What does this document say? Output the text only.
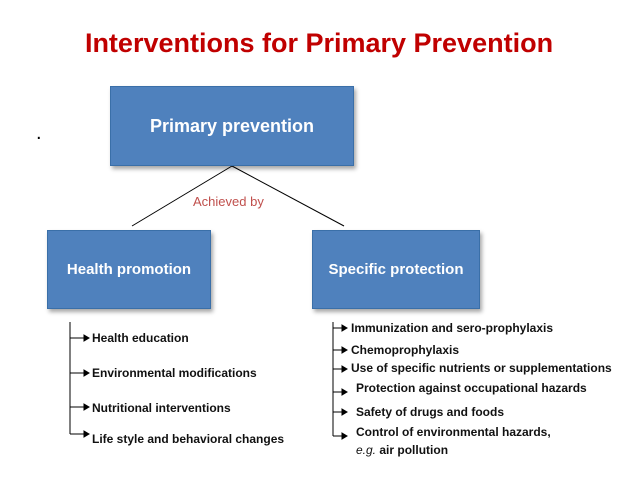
Interventions for Primary Prevention
.	Primary prevention
Achieved by
Health promotion	Specific protection
Health education
Environmental modifications
Nutritional interventions
Life style and behavioral changes
Immunization and sero-prophylaxis
Chemoprophylaxis
Use of specific nutrients or supplementations
Protection against occupational hazards
Safety of drugs and foods
Control of environmental hazards,
e.g. air pollution
